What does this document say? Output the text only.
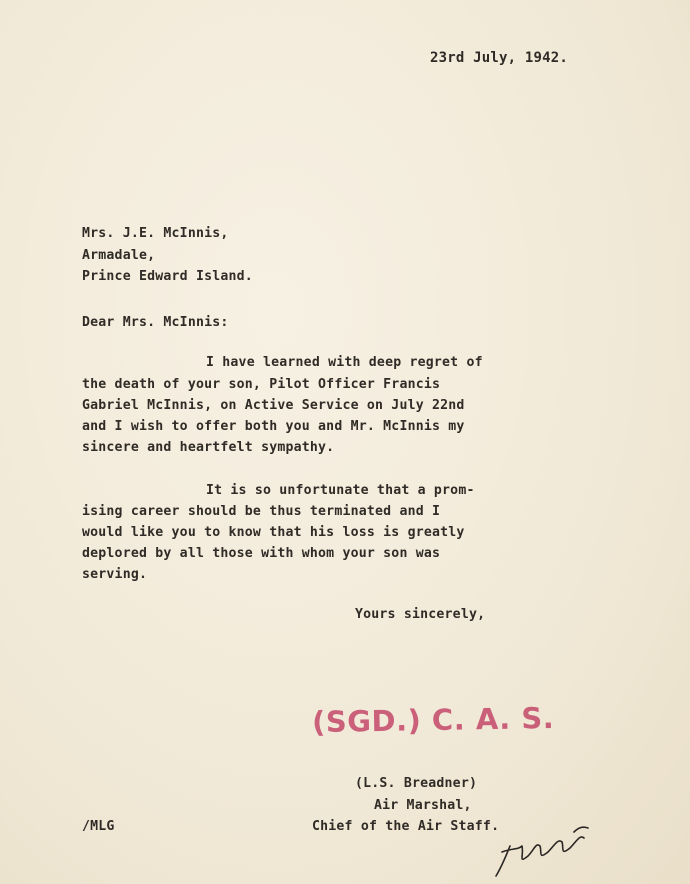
23rd July, 1942.
Mrs. J.E. McInnis,
Armadale,
Prince Edward Island.
Dear Mrs. McInnis:
I have learned with deep regret of
the death of your son, Pilot Officer Francis
Gabriel McInnis, on Active Service on July 22nd
and I wish to offer both you and Mr. McInnis my
sincere and heartfelt sympathy.
It is so unfortunate that a prom-
ising career should be thus terminated and I
would like you to know that his loss is greatly
deplored by all those with whom your son was
serving.
Yours sincerely,
(SGD.) C. A. S.
(L.S. Breadner)
Air Marshal,
Chief of the Air Staff.
/MLG
